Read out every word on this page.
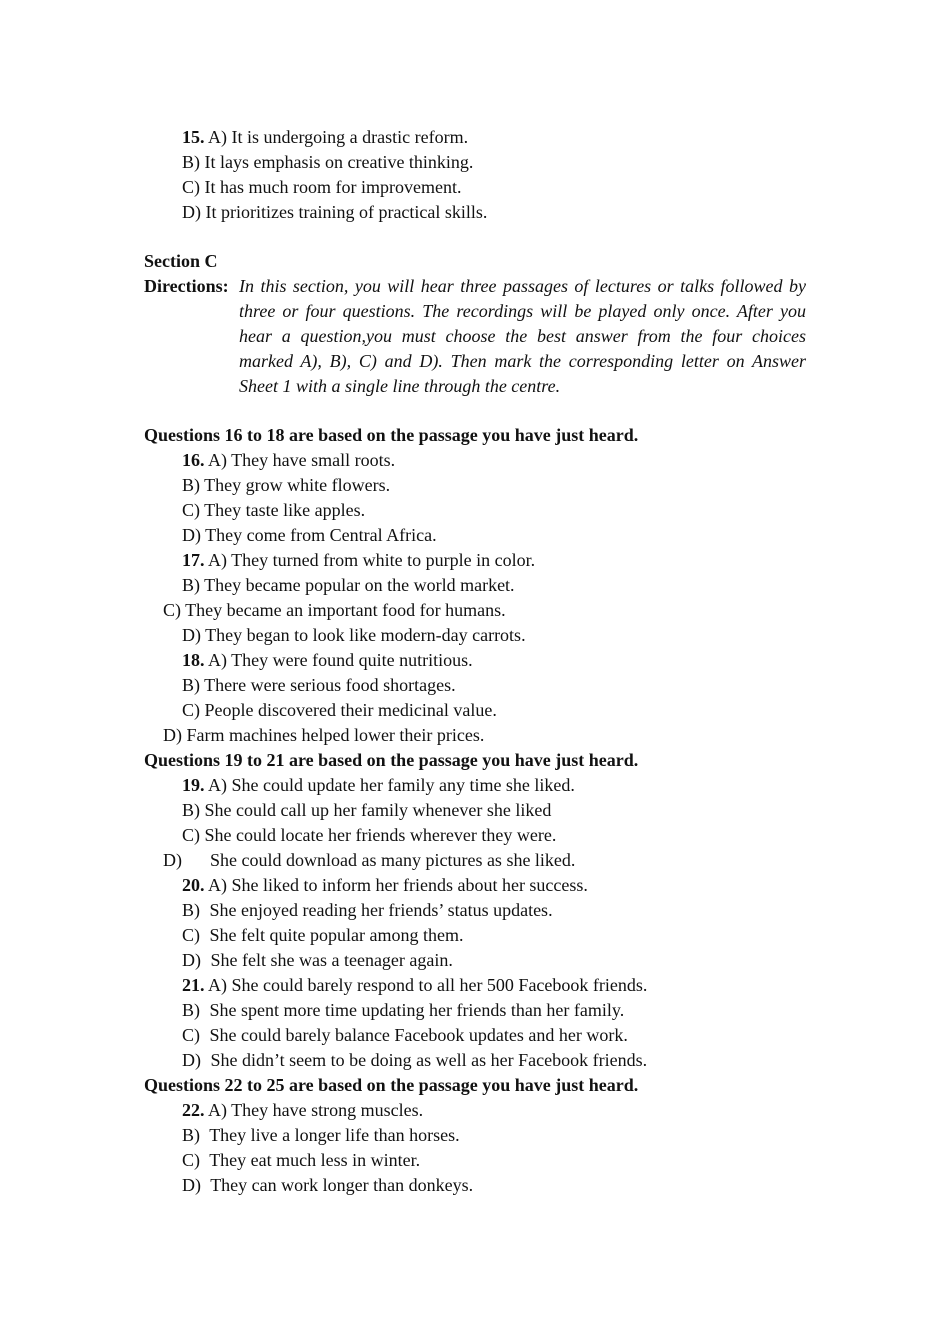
15. A) It is undergoing a drastic reform.
B) It lays emphasis on creative thinking.
C) It has much room for improvement.
D) It prioritizes training of practical skills.
Section C
Directions: In this section, you will hear three passages of lectures or talks followed by three or four questions. The recordings will be played only once. After you hear a question,you must choose the best answer from the four choices marked A), B), C) and D). Then mark the corresponding letter on Answer Sheet 1 with a single line through the centre.
Questions 16 to 18 are based on the passage you have just heard.
16. A) They have small roots.
B) They grow white flowers.
C) They taste like apples.
D) They come from Central Africa.
17. A) They turned from white to purple in color.
B) They became popular on the world market.
C) They became an important food for humans.
D) They began to look like modern-day carrots.
18. A) They were found quite nutritious.
B) There were serious food shortages.
C) People discovered their medicinal value.
D) Farm machines helped lower their prices.
Questions 19 to 21 are based on the passage you have just heard.
19. A) She could update her family any time she liked.
B) She could call up her family whenever she liked
C) She could locate her friends wherever they were.
D) She could download as many pictures as she liked.
20. A) She liked to inform her friends about her success.
B) She enjoyed reading her friends’ status updates.
C) She felt quite popular among them.
D) She felt she was a teenager again.
21. A) She could barely respond to all her 500 Facebook friends.
B) She spent more time updating her friends than her family.
C) She could barely balance Facebook updates and her work.
D) She didn’t seem to be doing as well as her Facebook friends.
Questions 22 to 25 are based on the passage you have just heard.
22. A) They have strong muscles.
B) They live a longer life than horses.
C) They eat much less in winter.
D) They can work longer than donkeys.
